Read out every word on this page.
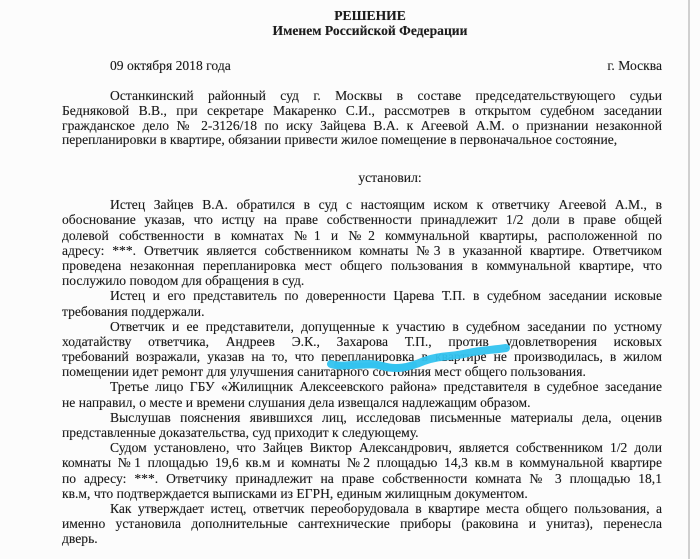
РЕШЕНИЕ
Именем Российской Федерации
09 октября 2018 года	г. Москва
Останкинский районный суд г. Москвы в составе председательствующего судьи
Бедняковой В.В., при секретаре Макаренко С.И., рассмотрев в открытом судебном заседании
гражданское дело № 2-3126/18 по иску Зайцева В.А. к Агеевой А.М. о признании незаконной
перепланировки в квартире, обязании привести жилое помещение в первоначальное состояние,
установил:
Истец Зайцев В.А. обратился в суд с настоящим иском к ответчику Агеевой А.М., в
обоснование указав, что истцу на праве собственности принадлежит 1/2 доли в праве общей
долевой собственности в комнатах №1 и №2 коммунальной квартиры, расположенной по
адресу: ***. Ответчик является собственником комнаты №3 в указанной квартире. Ответчиком
проведена незаконная перепланировка мест общего пользования в коммунальной квартире, что
послужило поводом для обращения в суд.
Истец и его представитель по доверенности Царева Т.П. в судебном заседании исковые
требования поддержали.
Ответчик и ее представители, допущенные к участию в судебном заседании по устному
ходатайству ответчика, Андреев Э.К., Захарова Т.П., против удовлетворения исковых
требований возражали, указав на то, что перепланировка в квартире не производилась, в жилом
помещении идет ремонт для улучшения санитарного состояния мест общего пользования.
Третье лицо ГБУ «Жилищник Алексеевского района» представителя в судебное заседание
не направил, о месте и времени слушания дела извещался надлежащим образом.
Выслушав пояснения явившихся лиц, исследовав письменные материалы дела, оценив
представленные доказательства, суд приходит к следующему.
Судом установлено, что Зайцев Виктор Александрович, является собственником 1/2 доли
комнаты №1 площадью 19,6 кв.м и комнаты №2 площадью 14,3 кв.м в коммунальной квартире
по адресу: ***. Ответчику принадлежит на праве собственности комната № 3 площадью 18,1
кв.м, что подтверждается выписками из ЕГРН, единым жилищным документом.
Как утверждает истец, ответчик переоборудовала в квартире места общего пользования, а
именно установила дополнительные сантехнические приборы (раковина и унитаз), перенесла
дверь.
